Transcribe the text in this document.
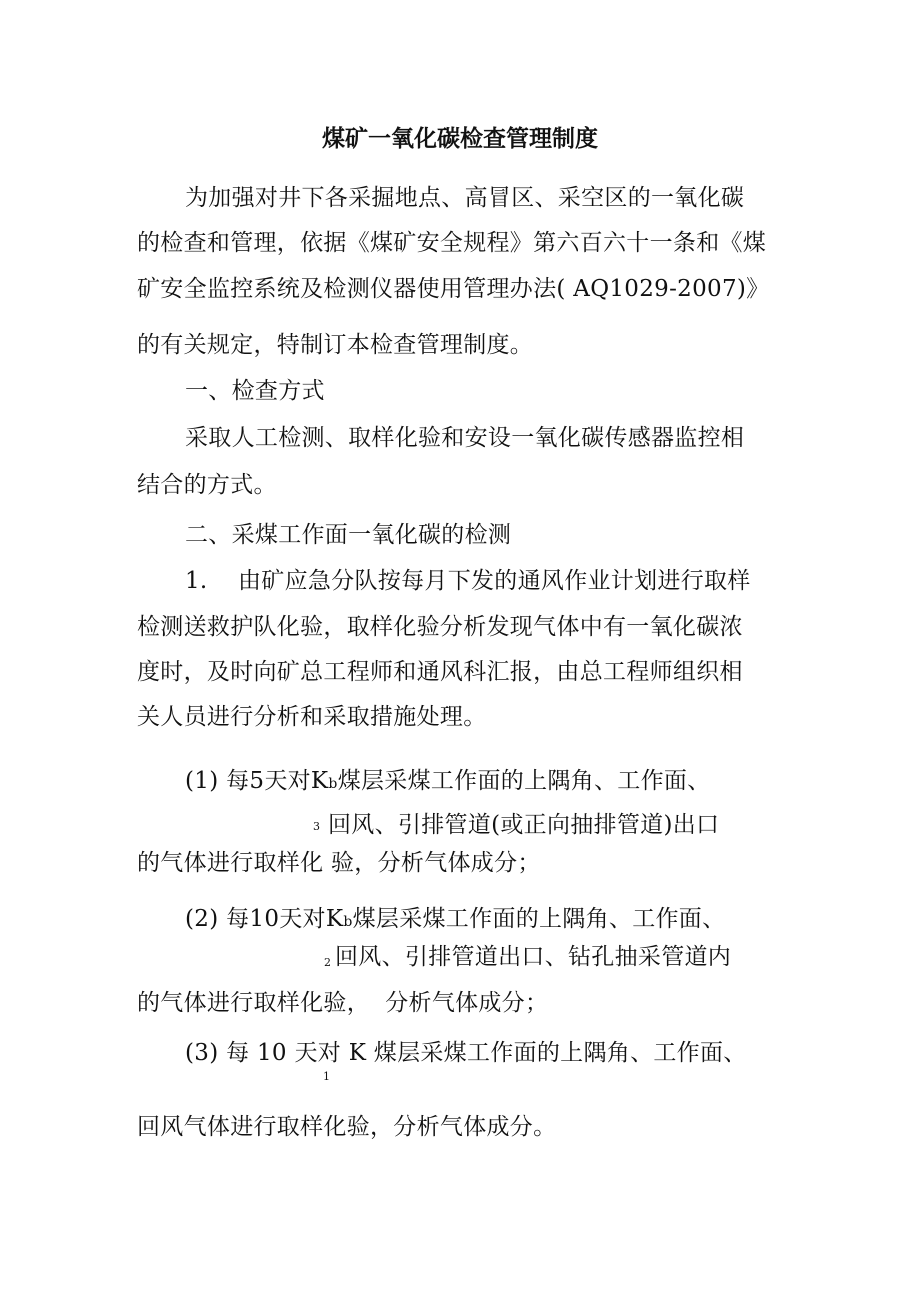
煤矿一氧化碳检查管理制度
为加强对井下各采掘地点、高冒区、采空区的一氧化碳
的检查和管理，依据《煤矿安全规程》第六百六十一条和《煤
矿安全监控系统及检测仪器使用管理办法( AQ1029-2007)》
的有关规定，特制订本检查管理制度。
一、检查方式
采取人工检测、取样化验和安设一氧化碳传感器监控相
结合的方式。
二、采煤工作面一氧化碳的检测
1.    由矿应急分队按每月下发的通风作业计划进行取样
检测送救护队化验，取样化验分析发现气体中有一氧化碳浓
度时，及时向矿总工程师和通风科汇报，由总工程师组织相
关人员进行分析和采取措施处理。
(1) 每5天对Kb煤层采煤工作面的上隅角、工作面、
3 回风、引排管道(或正向抽排管道)出口
的气体进行取样化 验，分析气体成分；
(2) 每10天对Kb煤层采煤工作面的上隅角、工作面、
2 回风、引排管道出口、钻孔抽采管道内
的气体进行取样化验，  分析气体成分；
(3) 每 10 天对 K 煤层采煤工作面的上隅角、工作面、
1
回风气体进行取样化验，分析气体成分。
